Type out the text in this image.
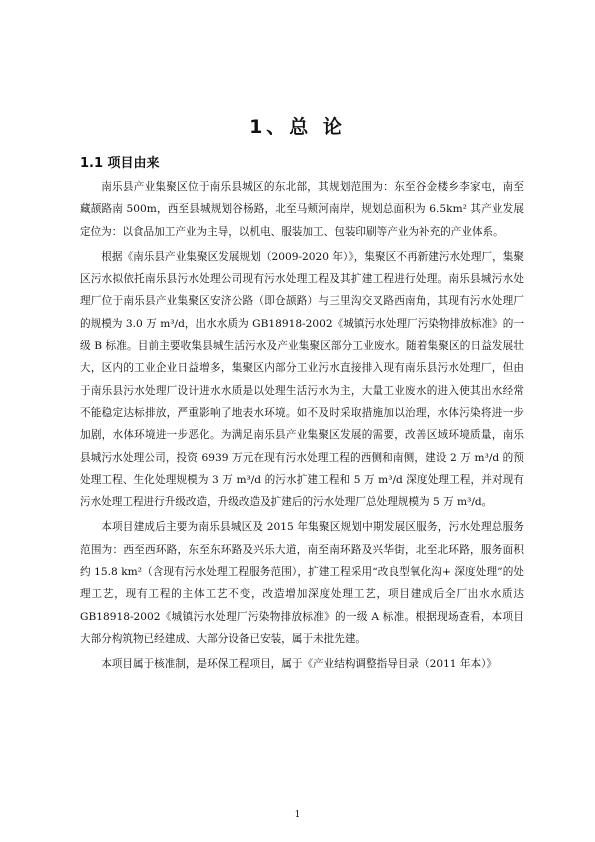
1、总 论
1.1 项目由来

南乐县产业集聚区位于南乐县城区的东北部，其规划范围为：东至谷金楼乡李家屯，南至藏颉路南 500m，西至县城规划谷杨路，北至马颊河南岸，规划总面积为 6.5km² 其产业发展定位为：以食品加工产业为主导，以机电、服装加工、包装印刷等产业为补充的产业体系。

根据《南乐县产业集聚区发展规划（2009-2020 年）》，集聚区不再新建污水处理厂，集聚区污水拟依托南乐县污水处理公司现有污水处理工程及其扩建工程进行处理。南乐县城污水处理厂位于南乐县产业集聚区安济公路（即仓颉路）与三里沟交叉路西南角，其现有污水处理厂的规模为 3.0 万 m³/d，出水水质为 GB18918-2002《城镇污水处理厂污染物排放标准》的一级 B 标准。目前主要收集县城生活污水及产业集聚区部分工业废水。随着集聚区的日益发展壮大，区内的工业企业日益增多，集聚区内部分工业污水直接排入现有南乐县污水处理厂，但由于南乐县污水处理厂设计进水水质是以处理生活污水为主，大量工业废水的进入使其出水经常不能稳定达标排放，严重影响了地表水环境。如不及时采取措施加以治理，水体污染将进一步加剧，水体环境进一步恶化。为满足南乐县产业集聚区发展的需要，改善区域环境质量，南乐县城污水处理公司，投资 6939 万元在现有污水处理工程的西侧和南侧，建设 2 万 m³/d 的预处理工程、生化处理规模为 3 万 m³/d 的污水扩建工程和 5 万 m³/d 深度处理工程，并对现有污水处理工程进行升级改造，升级改造及扩建后的污水处理厂总处理规模为 5 万 m³/d。

本项目建成后主要为南乐县城区及 2015 年集聚区规划中期发展区服务，污水处理总服务范围为：西至西环路，东至东环路及兴乐大道，南至南环路及兴华街，北至北环路，服务面积约 15.8 km²（含现有污水处理工程服务范围），扩建工程采用“改良型氧化沟+ 深度处理”的处理工艺，现有工程的主体工艺不变，改造增加深度处理工艺，项目建成后全厂出水水质达 GB18918-2002《城镇污水处理厂污染物排放标准》的一级 A 标准。根据现场查看，本项目大部分构筑物已经建成、大部分设备已安装，属于未批先建。

本项目属于核准制，是环保工程项目，属于《产业结构调整指导目录（2011 年本）》

1
